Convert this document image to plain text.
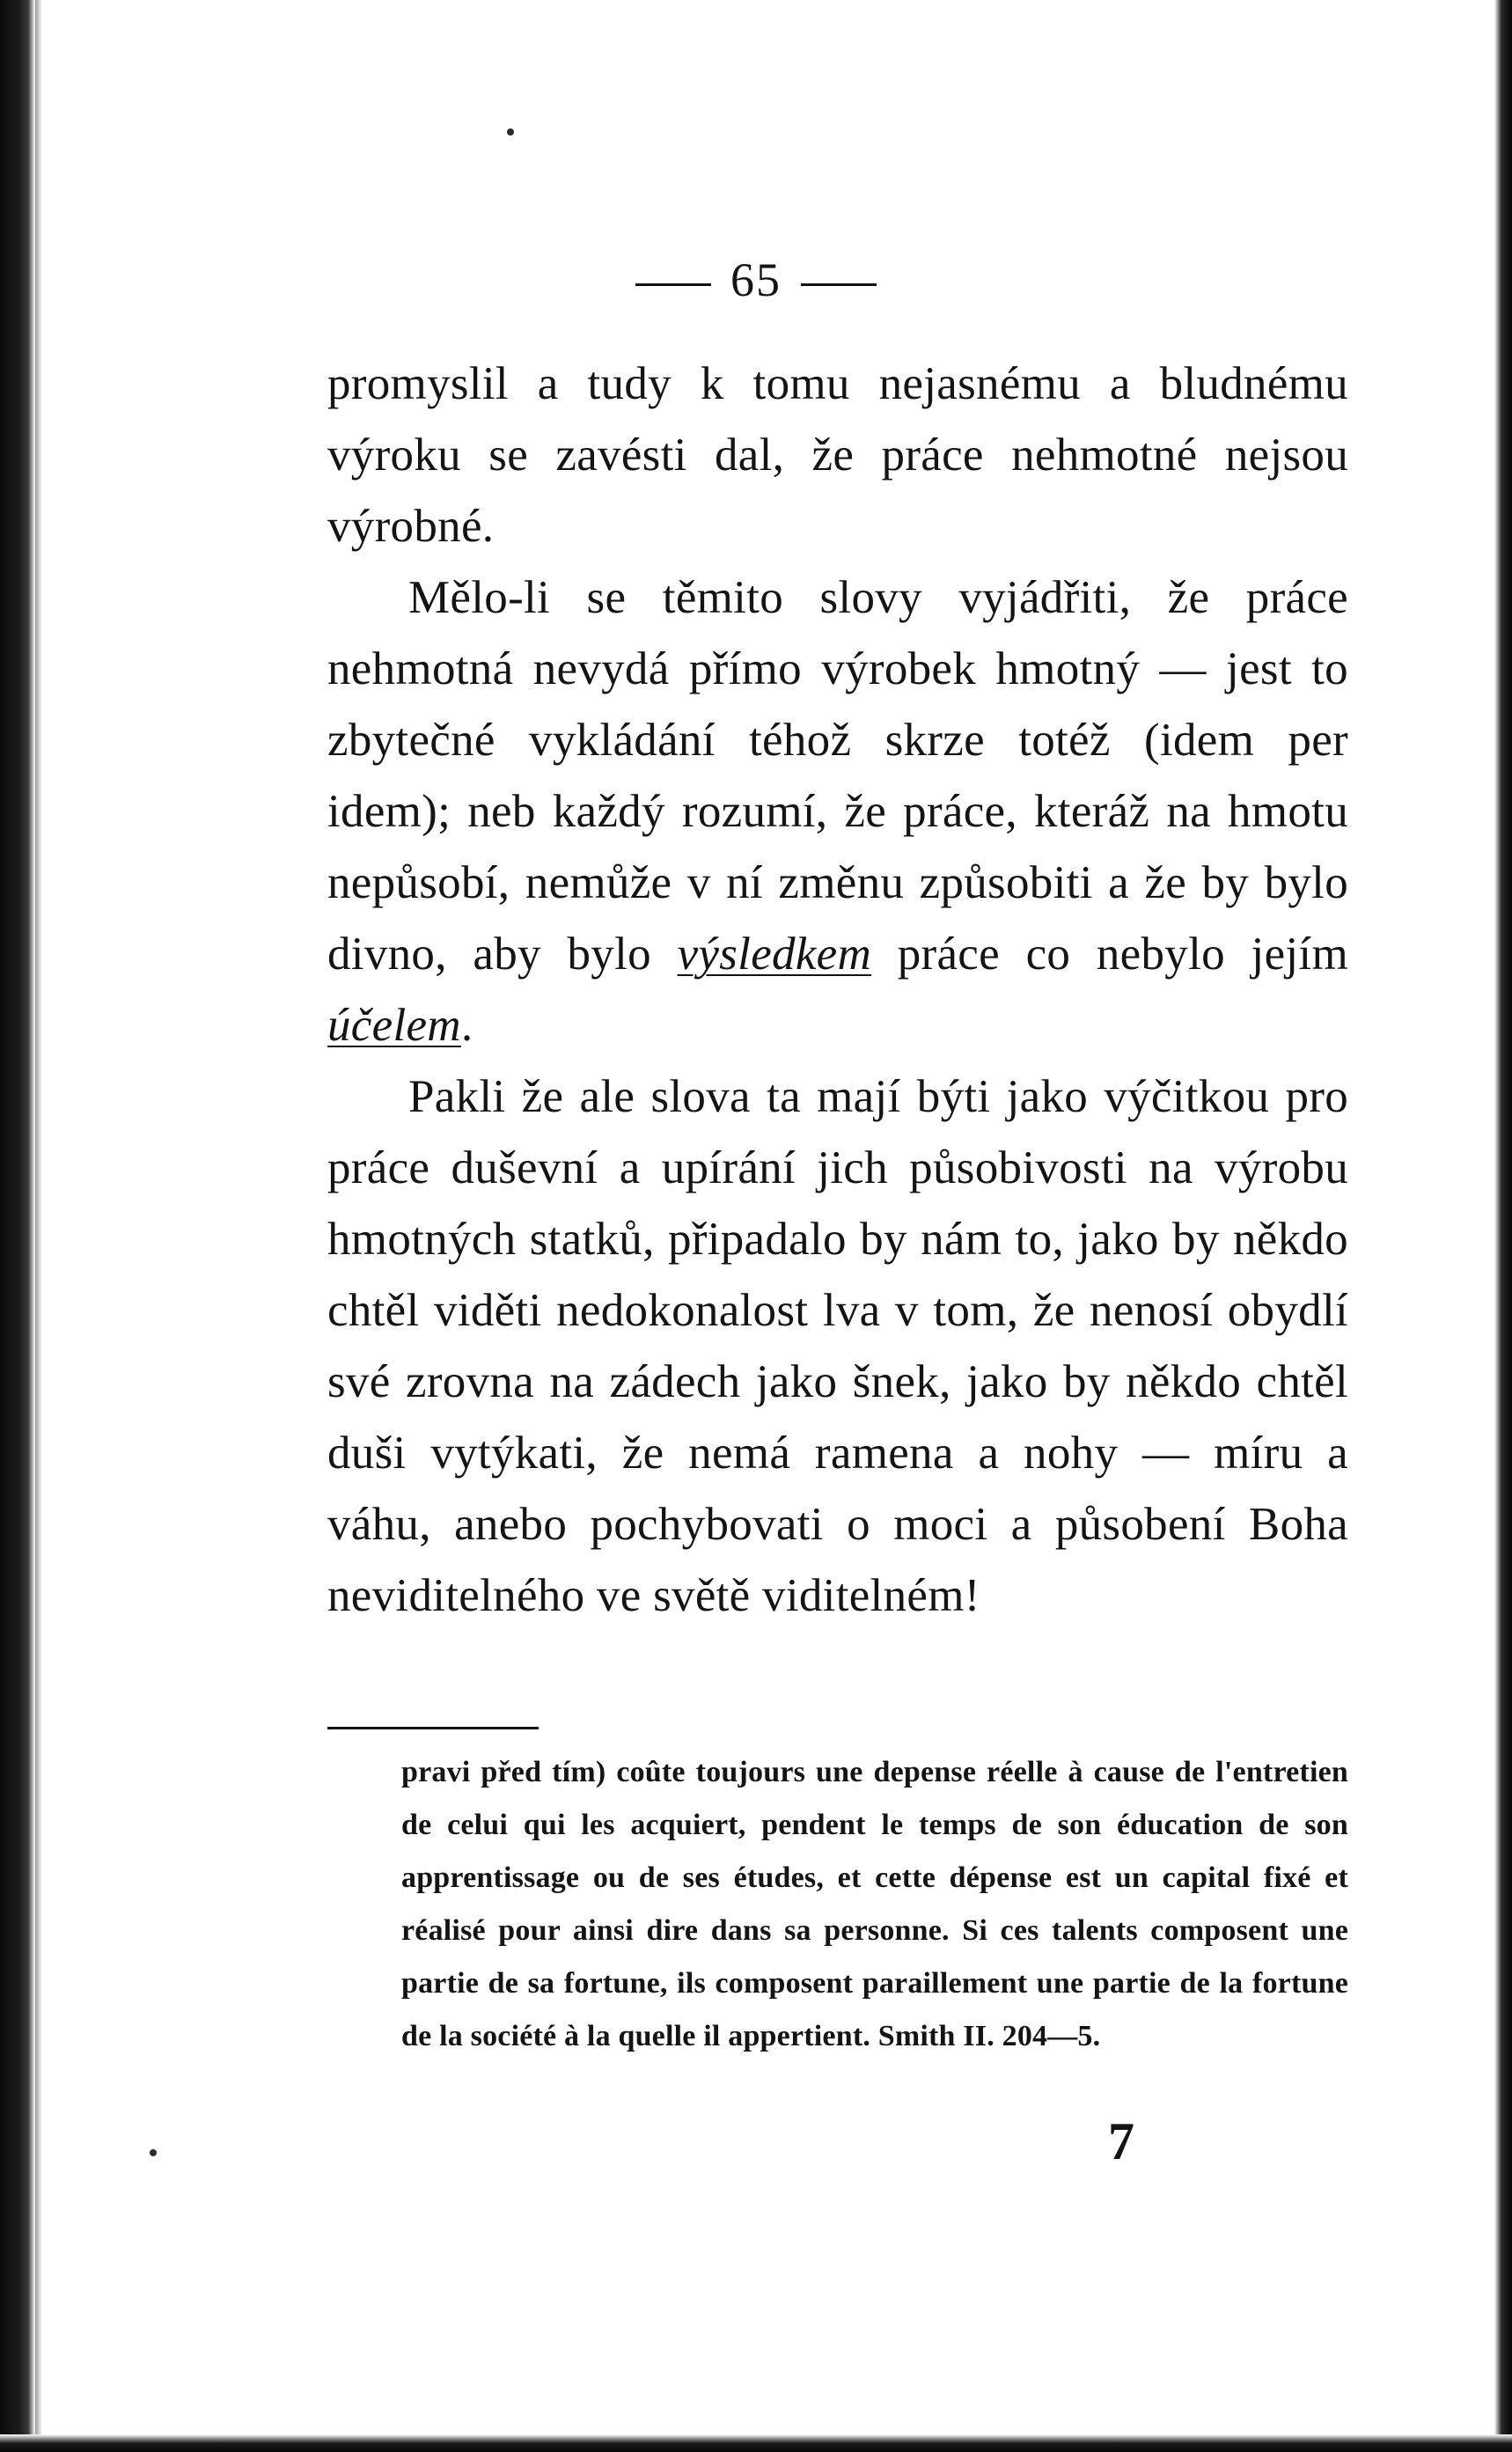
65

promyslil a tudy k tomu nejasnému a bludnému výroku se zavésti dal, že práce nehmotné nejsou výrobné.

Mělo-li se těmito slovy vyjádřiti, že práce nehmotná nevydá přímo výrobek hmotný — jest to zbytečné vykládání téhož skrze totéž (idem per idem); neb každý rozumí, že práce, kteráž na hmotu nepůsobí, nemůže v ní změnu způsobiti a že by bylo divno, aby bylo výsledkem práce co nebylo jejím účelem.

Pakli že ale slova ta mají býti jako výčitkou pro práce duševní a upírání jich působivosti na výrobu hmotných statků, připadalo by nám to, jako by někdo chtěl viděti nedokonalost lva v tom, že nenosí obydlí své zrovna na zádech jako šnek, jako by někdo chtěl duši vytýkati, že nemá ramena a nohy — míru a váhu, anebo pochybovati o moci a působení Boha neviditelného ve světě viditelném!

pravi před tím) coûte toujours une depense réelle à cause de l'entretien de celui qui les acquiert, pendent le temps de son éducation de son apprentissage ou de ses études, et cette dépense est un capital fixé et réalisé pour ainsi dire dans sa personne. Si ces talents composent une partie de sa fortune, ils composent paraillement une partie de la fortune de la société à la quelle il appertient. Smith II. 204—5.

7
